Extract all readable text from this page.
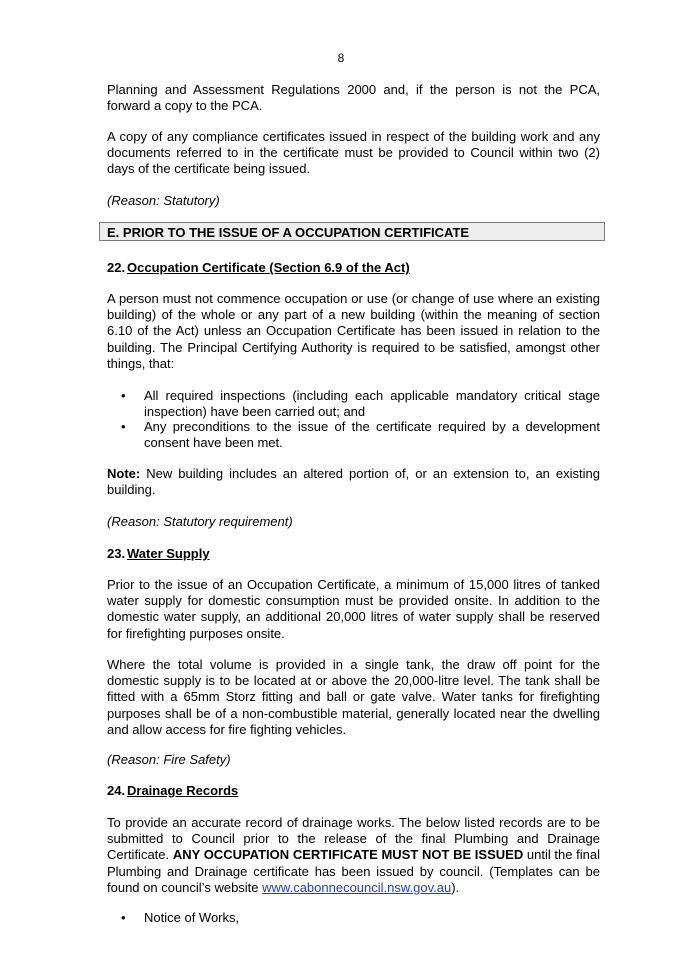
8

Planning and Assessment Regulations 2000 and, if the person is not the PCA, forward a copy to the PCA.

A copy of any compliance certificates issued in respect of the building work and any documents referred to in the certificate must be provided to Council within two (2) days of the certificate being issued.

(Reason: Statutory)

E. PRIOR TO THE ISSUE OF A OCCUPATION CERTIFICATE
22. Occupation Certificate (Section 6.9 of the Act)

A person must not commence occupation or use (or change of use where an existing building) of the whole or any part of a new building (within the meaning of section 6.10 of the Act) unless an Occupation Certificate has been issued in relation to the building. The Principal Certifying Authority is required to be satisfied, amongst other things, that:

• All required inspections (including each applicable mandatory critical stage inspection) have been carried out; and
• Any preconditions to the issue of the certificate required by a development consent have been met.

Note: New building includes an altered portion of, or an extension to, an existing building.

(Reason: Statutory requirement)

23. Water Supply

Prior to the issue of an Occupation Certificate, a minimum of 15,000 litres of tanked water supply for domestic consumption must be provided onsite. In addition to the domestic water supply, an additional 20,000 litres of water supply shall be reserved for firefighting purposes onsite.

Where the total volume is provided in a single tank, the draw off point for the domestic supply is to be located at or above the 20,000-litre level. The tank shall be fitted with a 65mm Storz fitting and ball or gate valve. Water tanks for firefighting purposes shall be of a non-combustible material, generally located near the dwelling and allow access for fire fighting vehicles.

(Reason: Fire Safety)

24. Drainage Records

To provide an accurate record of drainage works. The below listed records are to be submitted to Council prior to the release of the final Plumbing and Drainage Certificate. ANY OCCUPATION CERTIFICATE MUST NOT BE ISSUED until the final Plumbing and Drainage certificate has been issued by council. (Templates can be found on council’s website www.cabonnecouncil.nsw.gov.au).

• Notice of Works,
